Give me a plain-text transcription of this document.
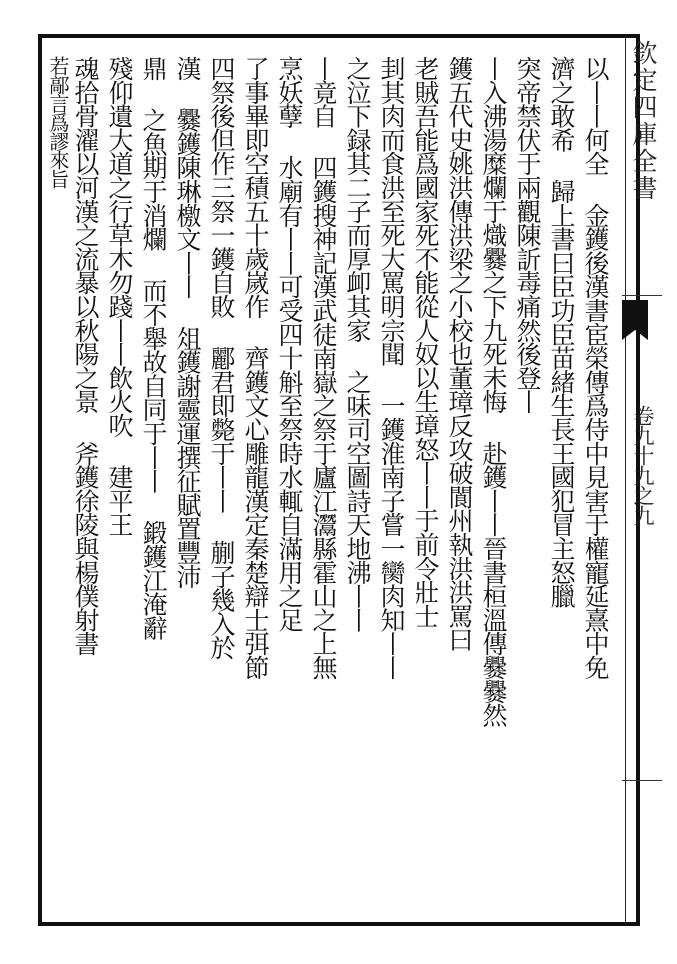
欽定四庫全書
卷九十九之九
以丨丨何全 金鑊後漢書宦榮傳爲侍中見害于權寵延熹中免
濟之敢希 歸上書曰臣功臣苗緒生長王國犯冒主怒臘
突帝禁伏于兩觀陳訢毒痛然後登丨
丨入沸湯糜爛于熾爨之下九死未悔 赴鑊丨丨晉書桓溫傳爨爨然
鑊五代史姚洪傳洪梁之小校也董璋反攻破閬州執洪洪罵曰
老賊吾能爲國家死不能從人奴以生璋怒丨丨于前令壯士
刲其肉而食洪至死大罵明宗聞 一鑊淮南子嘗一臠肉知丨丨
之泣下録其二子而厚卹其家 之味司空圖詩天地沸丨丨
丨竟自 四鑊搜神記漢武徒南嶽之祭于廬江灊縣霍山之上無
烹妖孽 水廟有丨丨可受四十斛至祭時水輒自滿用之足
了事畢即空積五十歲嵗作 齊鑊文心雕龍漢定秦楚辯士弭節
四祭後但作三祭一鑊自敗 酈君即斃于丨丨 蒯子幾入於
漢 爨鑊陳琳檄文丨丨 俎鑊謝靈運撰征賦置豐沛
鼎 之魚期于消爛 而不舉故自同于丨丨 鍛鑊江淹辭
殘仰遺大道之行草木勿踐丨丨飲火吹 建平王
魂拾骨濯以河漢之流暴以秋陽之景 斧鑊徐陵與楊僕射書
若鄗言爲謬來旨
